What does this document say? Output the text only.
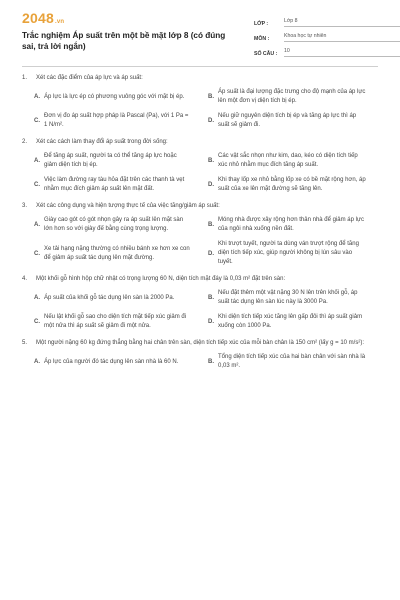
2048.vn
Trắc nghiệm Áp suất trên một bề mặt lớp 8 (có đúng sai, trả lời ngắn)
LỚP :	Lớp 8
MÔN :	Khoa học tự nhiên
SỐ CÂU :	10
1.	Xét các đặc điểm của áp lực và áp suất:
A. Áp lực là lực ép có phương vuông góc với mặt bị ép.	B.
Áp suất là đại lượng đặc trưng cho độ mạnh của áp lực lên một đơn vị diện tích bị ép.
C.
Đơn vị đo áp suất hợp pháp là Pascal (Pa), với 1 Pa = 1 N/m².
D.
Nếu giữ nguyên diện tích bị ép và tăng áp lực thì áp suất sẽ giảm đi.
2.	Xét các cách làm thay đổi áp suất trong đời sống:
A.
Để tăng áp suất, người ta có thể tăng áp lực hoặc giảm diện tích bị ép.
B.
Các vật sắc nhọn như kim, dao, kéo có diện tích tiếp xúc nhỏ nhằm mục đích tăng áp suất.
C.
Việc làm đường ray tàu hỏa đặt trên các thanh tà vẹt nhằm mục đích giảm áp suất lên mặt đất.
D.
Khi thay lốp xe nhỏ bằng lốp xe có bề mặt rộng hơn, áp suất của xe lên mặt đường sẽ tăng lên.
3.	Xét các công dụng và hiện tượng thực tế của việc tăng/giảm áp suất:
A.
Giày cao gót có gót nhọn gây ra áp suất lên mặt sàn lớn hơn so với giày đế bằng cùng trọng lượng.
B.
Móng nhà được xây rộng hơn thân nhà để giảm áp lực của ngôi nhà xuống nền đất.
C.
Xe tải hạng nặng thường có nhiều bánh xe hơn xe con để giảm áp suất tác dụng lên mặt đường.
D.
Khi trượt tuyết, người ta dùng ván trượt rộng để tăng diện tích tiếp xúc, giúp người không bị lún sâu vào tuyết.
4.	Một khối gỗ hình hộp chữ nhật có trọng lượng 60 N, diện tích mặt đáy là 0,03 m² đặt trên sàn:
A. Áp suất của khối gỗ tác dụng lên sàn là 2000 Pa.	B.
Nếu đặt thêm một vật nặng 30 N lên trên khối gỗ, áp suất tác dụng lên sàn lúc này là 3000 Pa.
C.
Nếu lật khối gỗ sao cho diện tích mặt tiếp xúc giảm đi một nửa thì áp suất sẽ giảm đi một nửa.
D.
Khi diện tích tiếp xúc tăng lên gấp đôi thì áp suất giảm xuống còn 1000 Pa.
5.	Một người nặng 60 kg đứng thẳng bằng hai chân trên sàn, diện tích tiếp xúc của mỗi bàn chân là 150 cm² (lấy g = 10 m/s²):
A. Áp lực của người đó tác dụng lên sàn nhà là 60 N.	B.
Tổng diện tích tiếp xúc của hai bàn chân với sàn nhà là 0,03 m².
